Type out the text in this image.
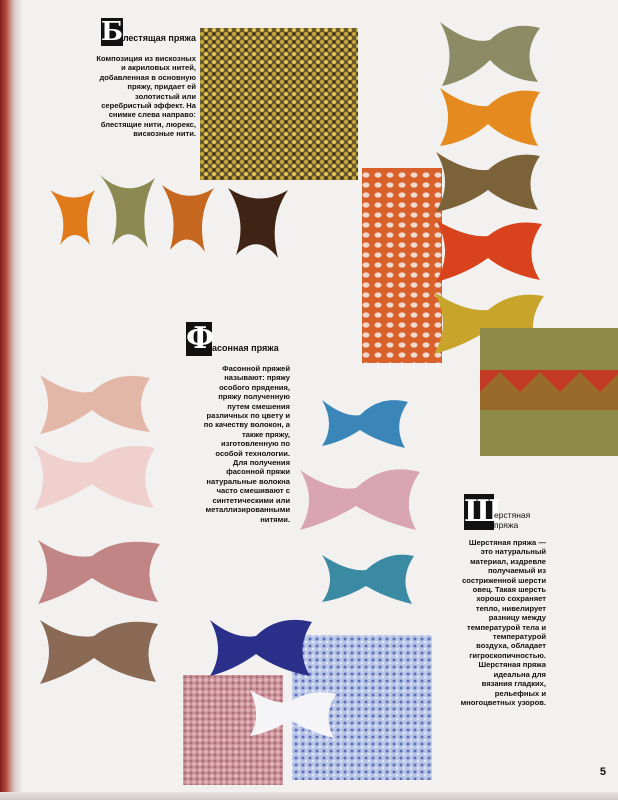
Блестящая пряжа

Композиция из вискозных
и акриловых нитей,
добавленная в основную
пряжу, придает ей
золотистый или
серебристый эффект. На
снимке слева направо:
блестящие нити, люрекс,
вискозные нити.

Фасонная пряжа

Фасонной пряжей
называют: пряжу
особого прядения,
пряжу полученную
путем смешения
различных по цвету и
по качеству волокон, а
также пряжу,
изготовленную по
особой технологии.
Для получения
фасонной пряжи
натуральные волокна
часто смешивают с
синтетическими или
металлизированными
нитями.	Ш
ерстяная
пряжа

Шерстяная пряжа —
это натуральный
материал, издревле
получаемый из
состриженной шерсти
овец. Такая шерсть
хорошо сохраняет
тепло, нивелирует
разницу между
температурой тела и
температурой
воздуха, обладает
гигроскопичностью.
Шерстяная пряжа
идеальна для
вязания гладких,
рельефных и
многоцветных узоров.

5
